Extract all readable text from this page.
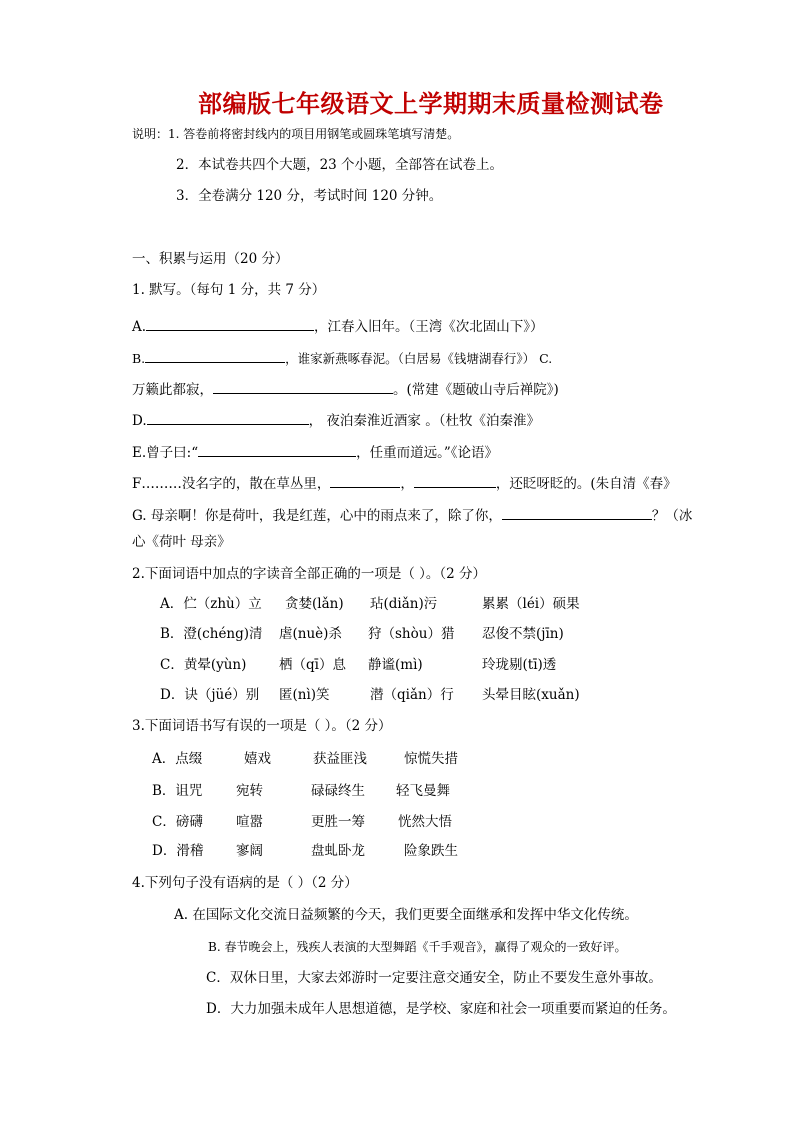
部编版七年级语文上学期期末质量检测试卷
说明：1. 答卷前将密封线内的项目用钢笔或圆珠笔填写清楚。
2．本试卷共四个大题，23 个小题，全部答在试卷上。
3．全卷满分 120 分，考试时间 120 分钟。
一、积累与运用（20 分）
1. 默写。（每句 1 分，共 7 分）
A.	，江春入旧年。（王湾《次北固山下》）
B.	，谁家新燕啄春泥。（白居易《钱塘湖春行》） C.
万籁此都寂，	。(常建《题破山寺后禅院》)
D.	， 夜泊秦淮近酒家 。（杜牧《泊秦淮》
E.曾子曰:“	，任重而道远。”《论语》
F………没名字的，散在草丛里，	，	，还眨呀眨的。(朱自清《春》
G. 母亲啊！你是荷叶，我是红莲，心中的雨点来了，除了你，	？（冰
心《荷叶 母亲》
2.下面词语中加点的字读音全部正确的一项是（ ）。（2 分）
A．伫（zhù）立 贪婪(lǎn) 玷(diǎn)污	累累（léi）硕果
B．澄(chéng)清 虐(nuè)杀 狩（shòu）猎 忍俊不禁(jīn)
C．黄晕(yùn) 栖（qī）息 静谧(mì)	玲珑剔(tī)透
D．诀（jüé）别 匿(nì)笑	潜（qiǎn）行 头晕目眩(xuǎn)
3.下面词语书写有误的一项是（ ）。（2 分）
A．点缀	嬉戏	获益匪浅	惊慌失措
B．诅咒 宛转	碌碌终生 轻飞曼舞
C．磅礴 喧嚣	更胜一筹 恍然大悟
D．滑稽 寥阔	盘虬卧龙	险象跌生
4.下列句子没有语病的是（ ）（2 分）
A. 在国际文化交流日益频繁的今天，我们更要全面继承和发挥中华文化传统。
B. 春节晚会上，残疾人表演的大型舞蹈《千手观音》，赢得了观众的一致好评。
C．双休日里，大家去郊游时一定要注意交通安全，防止不要发生意外事故。
D．大力加强未成年人思想道德，是学校、家庭和社会一项重要而紧迫的任务。
